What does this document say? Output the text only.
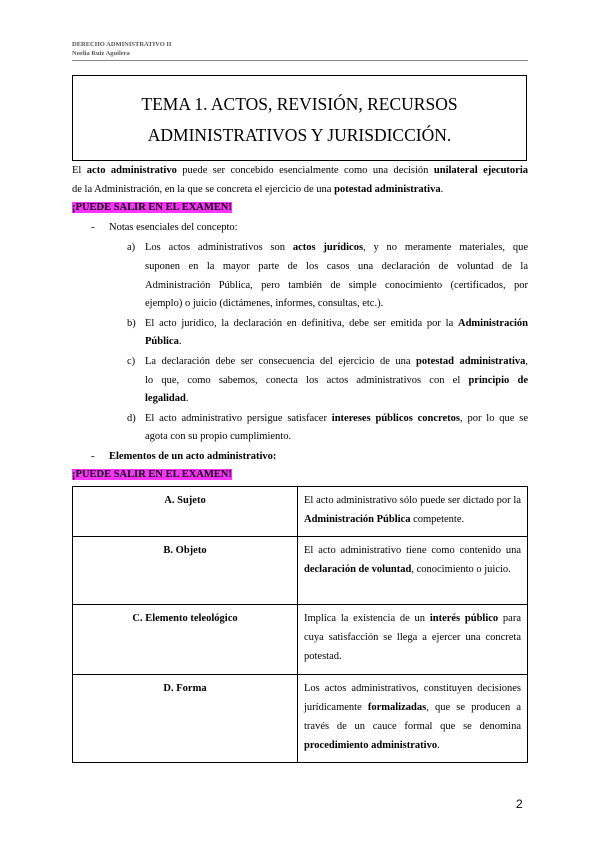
DERECHO ADMINISTRATIVO II
Noelia Ruiz Aguilera
TEMA 1. ACTOS, REVISIÓN, RECURSOS
ADMINISTRATIVOS Y JURISDICCIÓN.
El acto administrativo puede ser concebido esencialmente como una decisión unilateral ejecutoria
de la Administración, en la que se concreta el ejercicio de una potestad administrativa.
¡PUEDE SALIR EN EL EXAMEN!
- Notas esenciales del concepto:
a) Los actos administrativos son actos jurídicos, y no meramente materiales, que
suponen en la mayor parte de los casos una declaración de voluntad de la
Administración Pública, pero también de simple conocimiento (certificados, por
ejemplo) o juicio (dictámenes, informes, consultas, etc.).
b) El acto jurídico, la declaración en definitiva, debe ser emitida por la Administración
Pública.
c) La declaración debe ser consecuencia del ejercicio de una potestad administrativa,
lo que, como sabemos, conecta los actos administrativos con el principio de
legalidad.
d) El acto administrativo persigue satisfacer intereses públicos concretos, por lo que se
agota con su propio cumplimiento.
- Elementos de un acto administrativo:
¡PUEDE SALIR EN EL EXAMEN!
A. Sujeto	El acto administrativo sólo puede ser dictado por la Administración Pública competente.
B. Objeto	El acto administrativo tiene como contenido una declaración de voluntad, conocimiento o juicio.
C. Elemento teleológico	Implica la existencia de un interés público para cuya satisfacción se llega a ejercer una concreta potestad.
D. Forma	Los actos administrativos, constituyen decisiones jurídicamente formalizadas, que se producen a través de un cauce formal que se denomina procedimiento administrativo.
2
